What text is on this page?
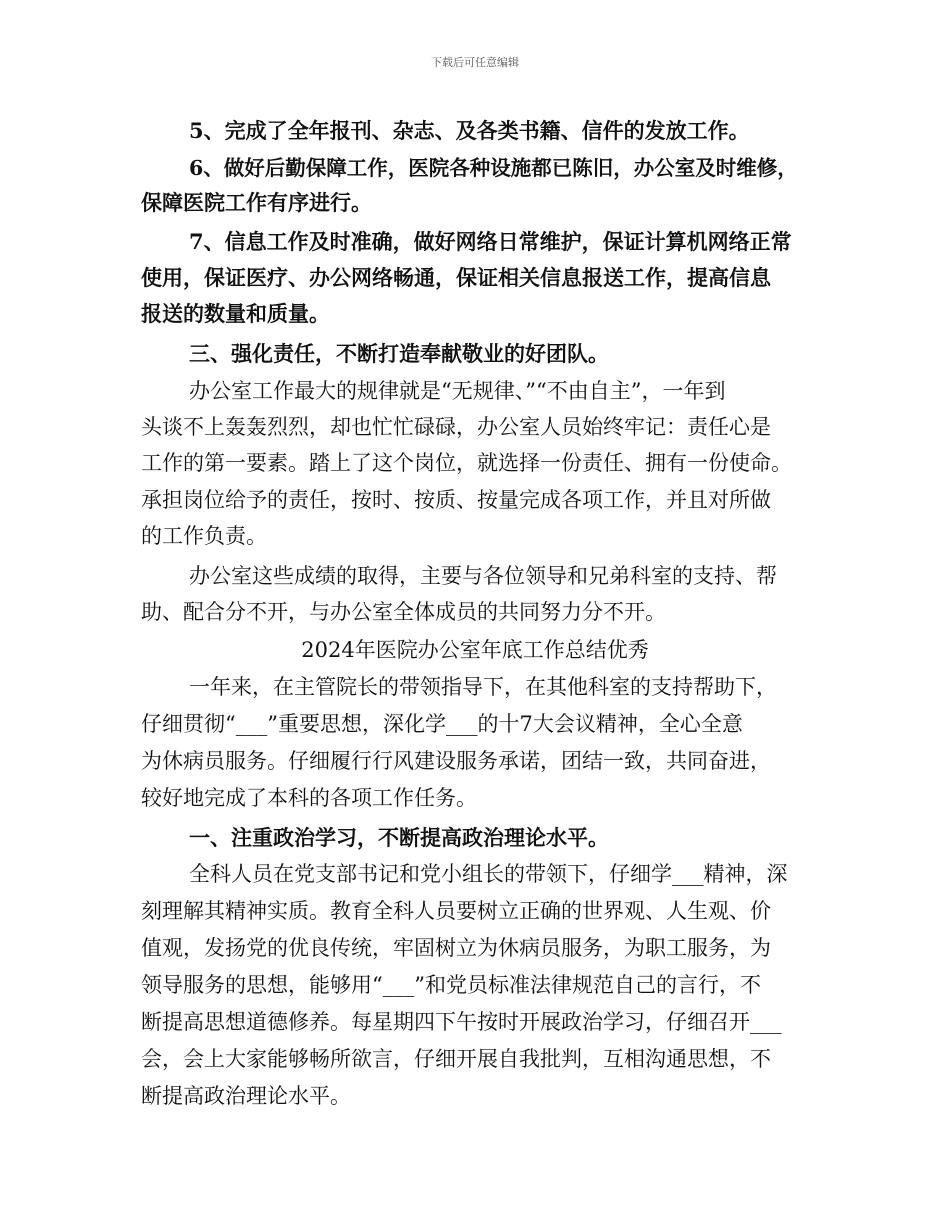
下载后可任意编辑
5、完成了全年报刊、杂志、及各类书籍、信件的发放工作。
6、做好后勤保障工作，医院各种设施都已陈旧，办公室及时维修，
保障医院工作有序进行。
7、信息工作及时准确，做好网络日常维护，保证计算机网络正常
使用，保证医疗、办公网络畅通，保证相关信息报送工作，提高信息
报送的数量和质量。
三、强化责任，不断打造奉献敬业的好团队。
办公室工作最大的规律就是“无规律、”“不由自主”，一年到
头谈不上轰轰烈烈，却也忙忙碌碌，办公室人员始终牢记：责任心是
工作的第一要素。踏上了这个岗位，就选择一份责任、拥有一份使命。
承担岗位给予的责任，按时、按质、按量完成各项工作，并且对所做
的工作负责。
办公室这些成绩的取得，主要与各位领导和兄弟科室的支持、帮
助、配合分不开，与办公室全体成员的共同努力分不开。
2024年医院办公室年底工作总结优秀
一年来，在主管院长的带领指导下，在其他科室的支持帮助下，
仔细贯彻“___”重要思想，深化学___的十7大会议精神，全心全意
为休病员服务。仔细履行行风建设服务承诺，团结一致，共同奋进，
较好地完成了本科的各项工作任务。
一、注重政治学习，不断提高政治理论水平。
全科人员在党支部书记和党小组长的带领下，仔细学___精神，深
刻理解其精神实质。教育全科人员要树立正确的世界观、人生观、价
值观，发扬党的优良传统，牢固树立为休病员服务，为职工服务，为
领导服务的思想，能够用“___”和党员标准法律规范自己的言行，不
断提高思想道德修养。每星期四下午按时开展政治学习，仔细召开___
会，会上大家能够畅所欲言，仔细开展自我批判，互相沟通思想，不
断提高政治理论水平。
